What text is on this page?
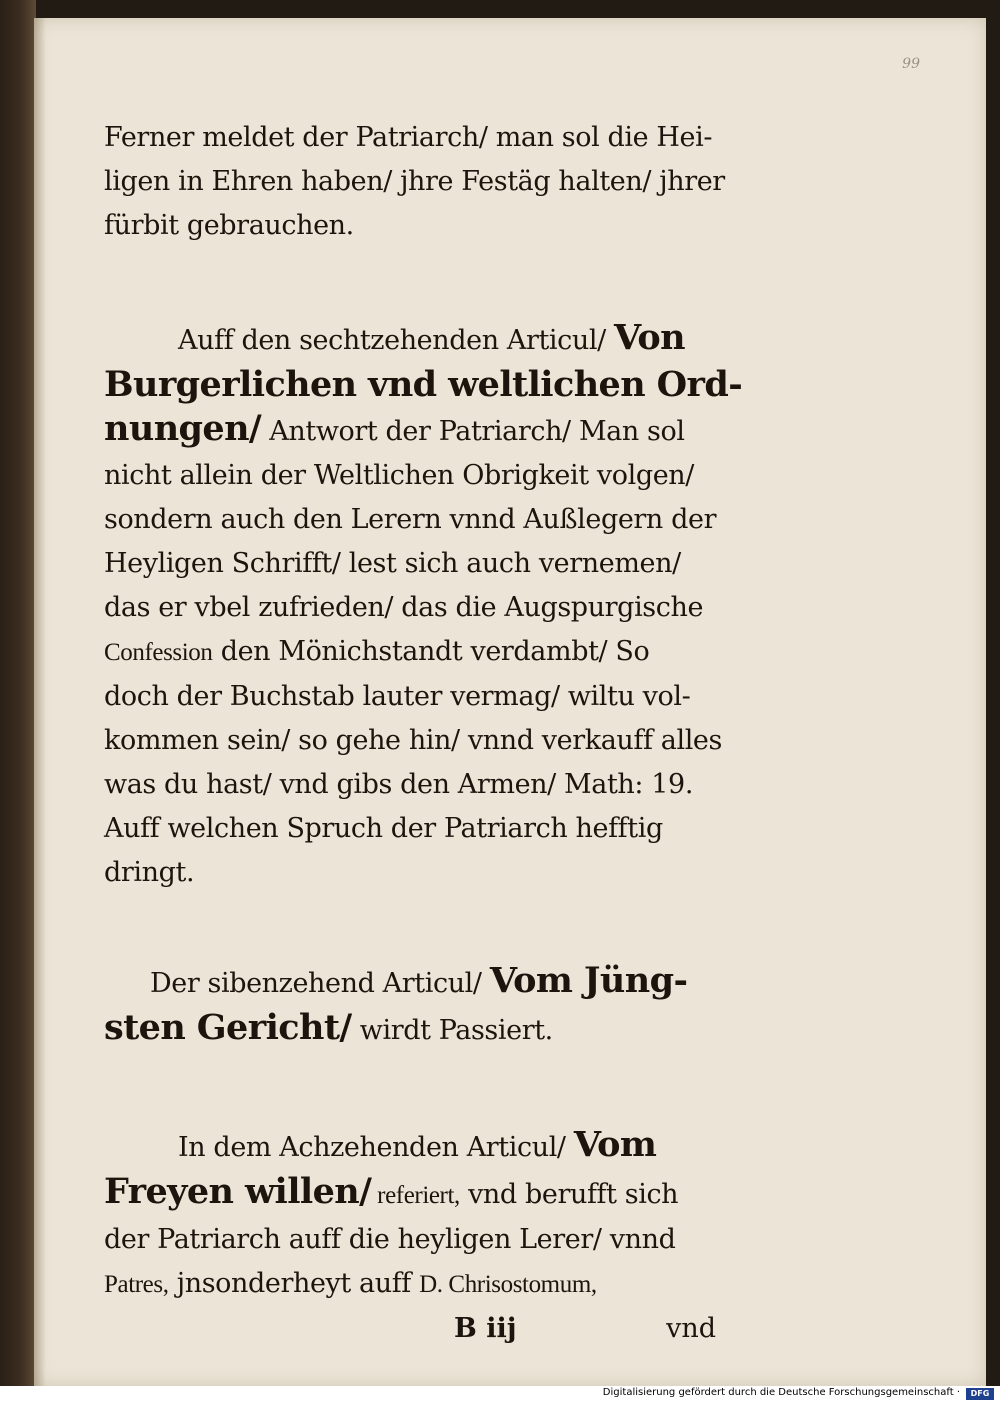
99
Ferner meldet der Patriarch/ man sol die Hei-
ligen in Ehren haben/ jhre Festäg halten/ jhrer
fürbit gebrauchen.
Auff den sechtzehenden Articul/ Von
Burgerlichen vnd weltlichen Ord-
nungen/ Antwort der Patriarch/ Man sol
nicht allein der Weltlichen Obrigkeit volgen/
sondern auch den Lerern vnnd Außlegern der
Heyligen Schrifft/ lest sich auch vernemen/
das er vbel zufrieden/ das die Augspurgische
Confession den Mönichstandt verdambt/ So
doch der Buchstab lauter vermag/ wiltu vol-
kommen sein/ so gehe hin/ vnnd verkauff alles
was du hast/ vnd gibs den Armen/ Math: 19.
Auff welchen Spruch der Patriarch hefftig
dringt.
Der sibenzehend Articul/ Vom Jüng-
sten Gericht/ wirdt Passiert.
In dem Achzehenden Articul/ Vom
Freyen willen/ referiert, vnd berufft sich
der Patriarch auff die heyligen Lerer/ vnnd
Patres, jnsonderheyt auff D. Chrisostomum,
B iij	vnd
Digitalisierung gefördert durch die Deutsche Forschungsgemeinschaft ·	DFG
